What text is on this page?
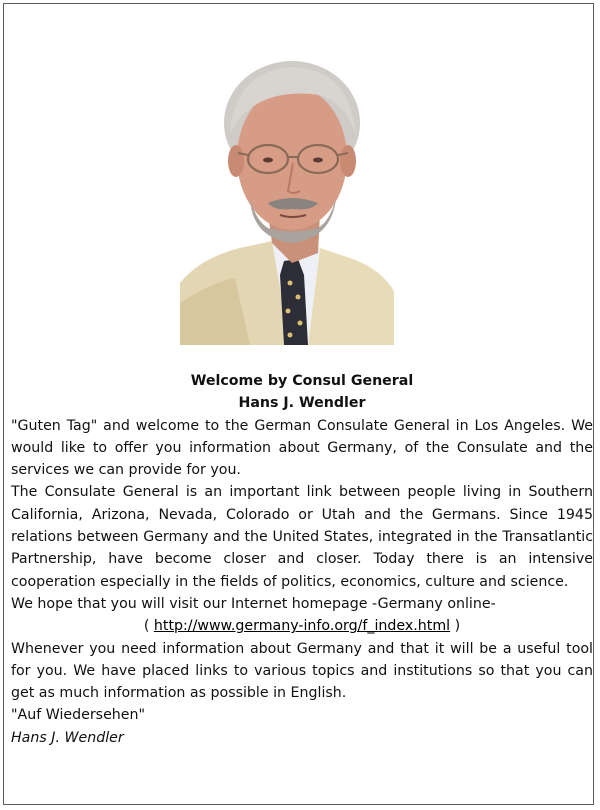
Welcome by Consul General
Hans J. Wendler

"Guten Tag" and welcome to the German Consulate General in Los Angeles. We would like to offer you information about Germany, of the Consulate and the services we can provide for you.

The Consulate General is an important link between people living in Southern California, Arizona, Nevada, Colorado or Utah and the Germans. Since 1945 relations between Germany and the United States, integrated in the Transatlantic Partnership, have become closer and closer. Today there is an intensive cooperation especially in the fields of politics, economics, culture and science.

We hope that you will visit our Internet homepage -Germany online-

( http://www.germany-info.org/f_index.html )

Whenever you need information about Germany and that it will be a useful tool for you. We have placed links to various topics and institutions so that you can get as much information as possible in English.

"Auf Wiedersehen"
Hans J. Wendler
